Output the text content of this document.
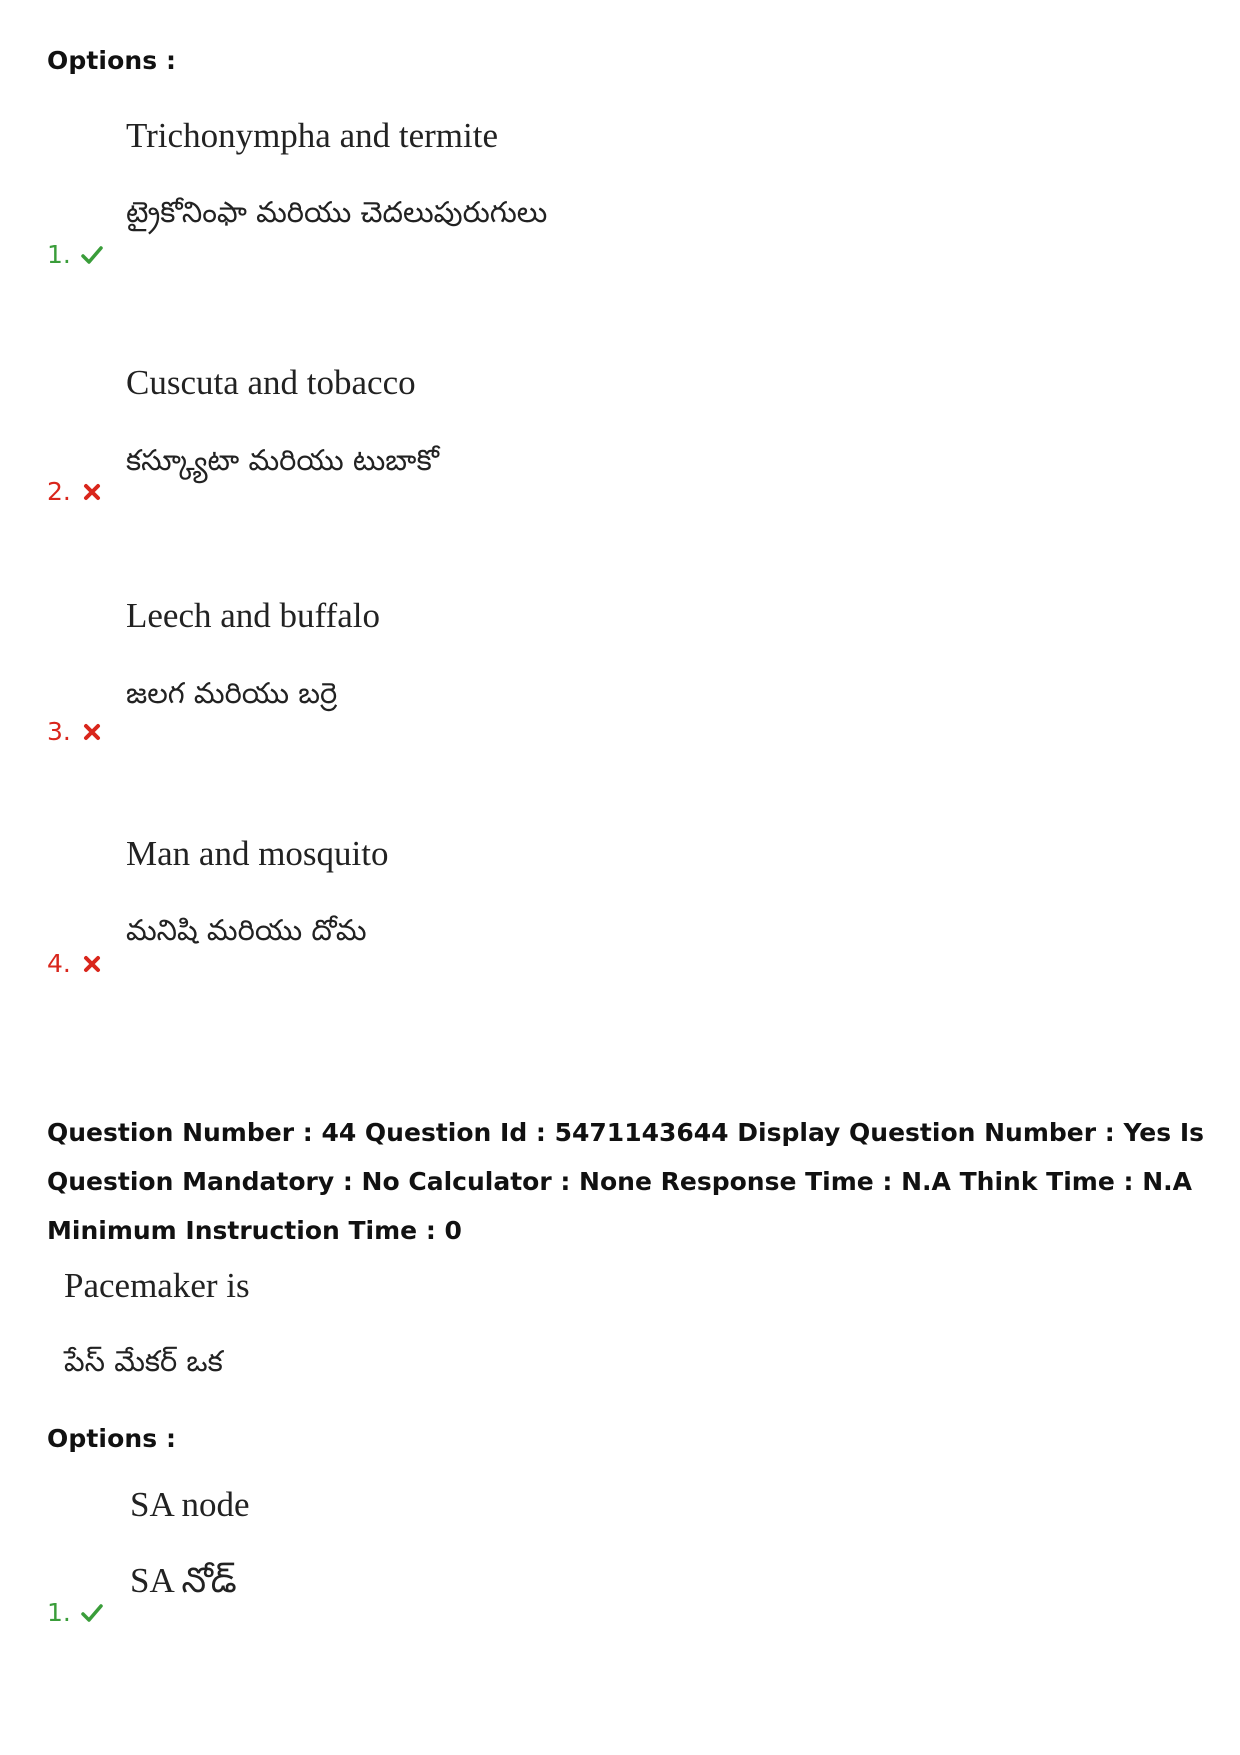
Options :
Trichonympha and termite
ట్రైకోనింఫా మరియు చెదలుపురుగులు
1.
Cuscuta and tobacco
కస్క్యూటా మరియు టుబాకో
2.
Leech and buffalo
జలగ మరియు బర్రె
3.
Man and mosquito
మనిషి మరియు దోమ
4.
Question Number : 44 Question Id : 5471143644 Display Question Number : Yes Is Question Mandatory : No Calculator : None Response Time : N.A Think Time : N.A Minimum Instruction Time : 0
Pacemaker is
పేస్ మేకర్ ఒక
Options :
SA node
SA నోడ్
1.
